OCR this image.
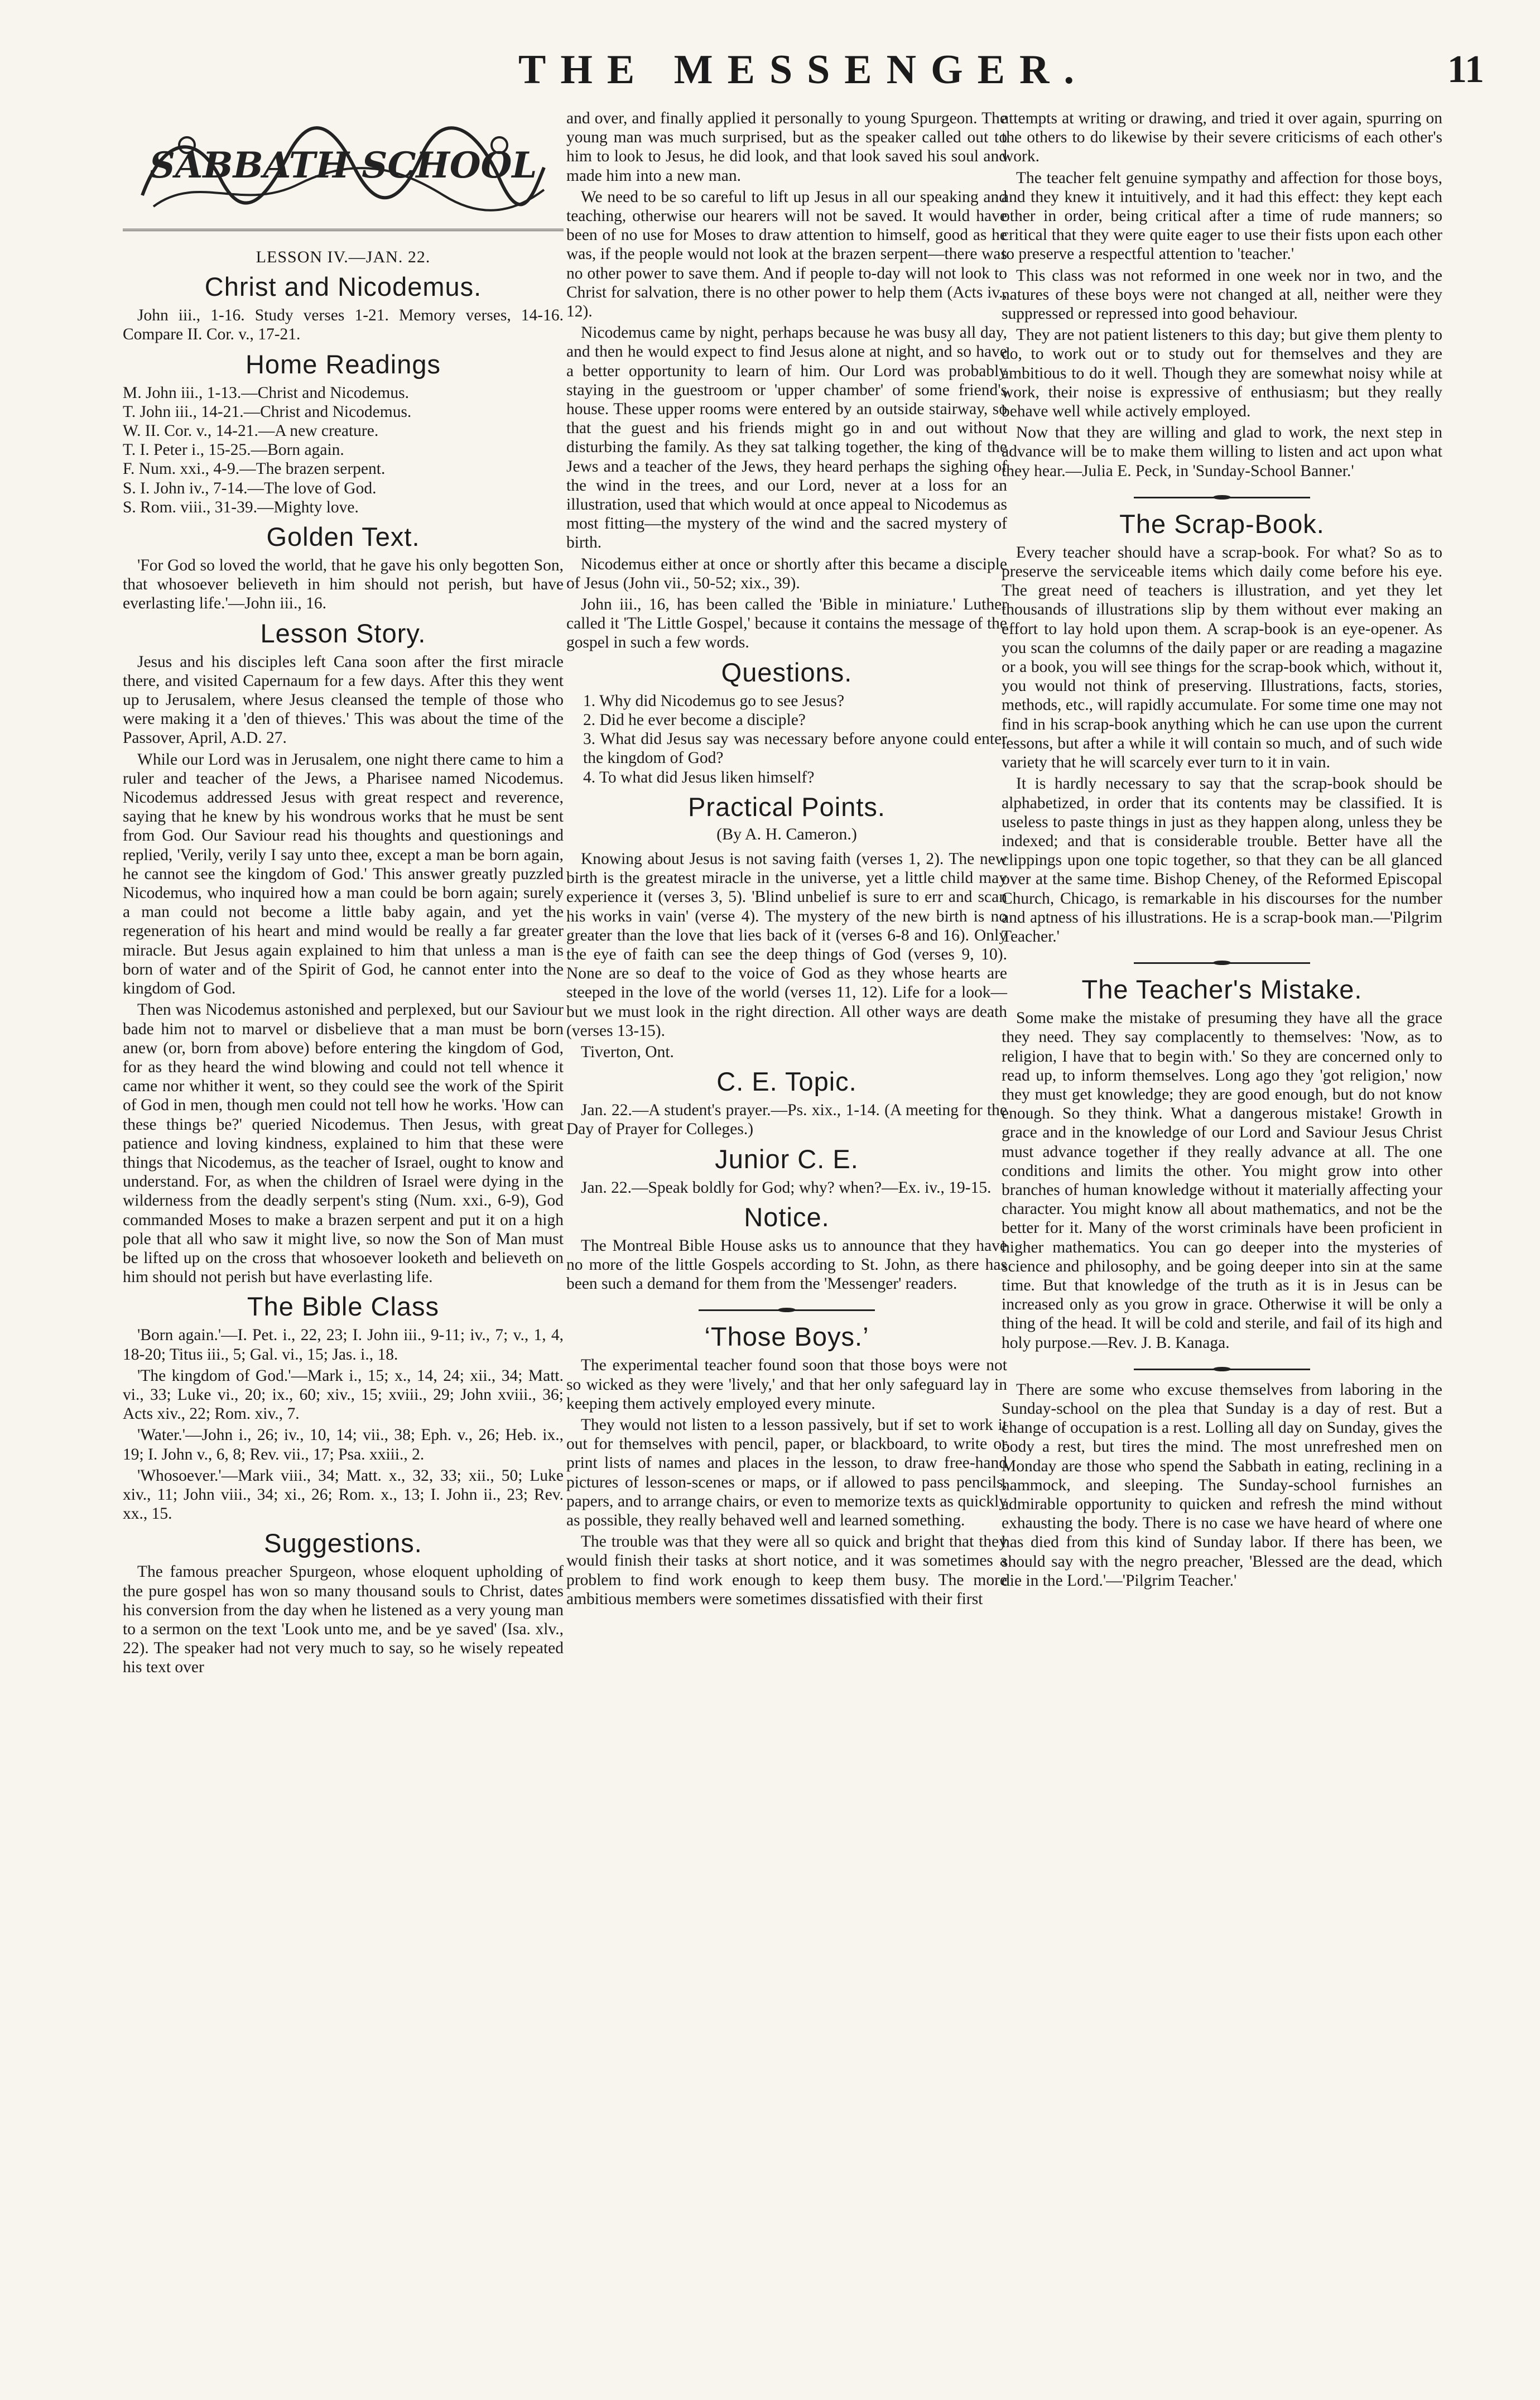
THE MESSENGER.	11
SABBATH SCHOOL
LESSON IV.—JAN. 22.
Christ and Nicodemus.

John iii., 1-16. Study verses 1-21. Memory verses, 14-16. Compare II. Cor. v., 17-21.

Home Readings
M. John iii., 1-13.—Christ and Nicodemus.
T. John iii., 14-21.—Christ and Nicodemus.
W. II. Cor. v., 14-21.—A new creature.
T. I. Peter i., 15-25.—Born again.
F. Num. xxi., 4-9.—The brazen serpent.
S. I. John iv., 7-14.—The love of God.
S. Rom. viii., 31-39.—Mighty love.
Golden Text.

'For God so loved the world, that he gave his only begotten Son, that whosoever believeth in him should not perish, but have everlasting life.'—John iii., 16.

Lesson Story.

Jesus and his disciples left Cana soon after the first miracle there, and visited Capernaum for a few days. After this they went up to Jerusalem, where Jesus cleansed the temple of those who were making it a 'den of thieves.' This was about the time of the Passover, April, A.D. 27.

While our Lord was in Jerusalem, one night there came to him a ruler and teacher of the Jews, a Pharisee named Nicodemus. Nicodemus addressed Jesus with great respect and reverence, saying that he knew by his wondrous works that he must be sent from God. Our Saviour read his thoughts and questionings and replied, 'Verily, verily I say unto thee, except a man be born again, he cannot see the kingdom of God.' This answer greatly puzzled Nicodemus, who inquired how a man could be born again; surely a man could not become a little baby again, and yet the regeneration of his heart and mind would be really a far greater miracle. But Jesus again explained to him that unless a man is born of water and of the Spirit of God, he cannot enter into the kingdom of God.

Then was Nicodemus astonished and perplexed, but our Saviour bade him not to marvel or disbelieve that a man must be born anew (or, born from above) before entering the kingdom of God, for as they heard the wind blowing and could not tell whence it came nor whither it went, so they could see the work of the Spirit of God in men, though men could not tell how he works. 'How can these things be?' queried Nicodemus. Then Jesus, with great patience and loving kindness, explained to him that these were things that Nicodemus, as the teacher of Israel, ought to know and understand. For, as when the children of Israel were dying in the wilderness from the deadly serpent's sting (Num. xxi., 6-9), God commanded Moses to make a brazen serpent and put it on a high pole that all who saw it might live, so now the Son of Man must be lifted up on the cross that whosoever looketh and believeth on him should not perish but have everlasting life.

The Bible Class

'Born again.'—I. Pet. i., 22, 23; I. John iii., 9-11; iv., 7; v., 1, 4, 18-20; Titus iii., 5; Gal. vi., 15; Jas. i., 18.

'The kingdom of God.'—Mark i., 15; x., 14, 24; xii., 34; Matt. vi., 33; Luke vi., 20; ix., 60; xiv., 15; xviii., 29; John xviii., 36; Acts xiv., 22; Rom. xiv., 7.

'Water.'—John i., 26; iv., 10, 14; vii., 38; Eph. v., 26; Heb. ix., 19; I. John v., 6, 8; Rev. vii., 17; Psa. xxiii., 2.

'Whosoever.'—Mark viii., 34; Matt. x., 32, 33; xii., 50; Luke xiv., 11; John viii., 34; xi., 26; Rom. x., 13; I. John ii., 23; Rev. xx., 15.

Suggestions.

The famous preacher Spurgeon, whose eloquent upholding of the pure gospel has won so many thousand souls to Christ, dates his conversion from the day when he listened as a very young man to a sermon on the text 'Look unto me, and be ye saved' (Isa. xlv., 22). The speaker had not very much to say, so he wisely repeated his text over

and over, and finally applied it personally to young Spurgeon. The young man was much surprised, but as the speaker called out to him to look to Jesus, he did look, and that look saved his soul and made him into a new man.

We need to be so careful to lift up Jesus in all our speaking and teaching, otherwise our hearers will not be saved. It would have been of no use for Moses to draw attention to himself, good as he was, if the people would not look at the brazen serpent—there was no other power to save them. And if people to-day will not look to Christ for salvation, there is no other power to help them (Acts iv., 12).

Nicodemus came by night, perhaps because he was busy all day, and then he would expect to find Jesus alone at night, and so have a better opportunity to learn of him. Our Lord was probably staying in the guestroom or 'upper chamber' of some friend's house. These upper rooms were entered by an outside stairway, so that the guest and his friends might go in and out without disturbing the family. As they sat talking together, the king of the Jews and a teacher of the Jews, they heard perhaps the sighing of the wind in the trees, and our Lord, never at a loss for an illustration, used that which would at once appeal to Nicodemus as most fitting—the mystery of the wind and the sacred mystery of birth.

Nicodemus either at once or shortly after this became a disciple of Jesus (John vii., 50-52; xix., 39).

John iii., 16, has been called the 'Bible in miniature.' Luther called it 'The Little Gospel,' because it contains the message of the gospel in such a few words.

Questions.
1. Why did Nicodemus go to see Jesus?
2. Did he ever become a disciple?
3. What did Jesus say was necessary before anyone could enter the kingdom of God?
4. To what did Jesus liken himself?
Practical Points.
(By A. H. Cameron.)

Knowing about Jesus is not saving faith (verses 1, 2). The new birth is the greatest miracle in the universe, yet a little child may experience it (verses 3, 5). 'Blind unbelief is sure to err and scan his works in vain' (verse 4). The mystery of the new birth is no greater than the love that lies back of it (verses 6-8 and 16). Only the eye of faith can see the deep things of God (verses 9, 10). None are so deaf to the voice of God as they whose hearts are steeped in the love of the world (verses 11, 12). Life for a look—but we must look in the right direction. All other ways are death (verses 13-15).

Tiverton, Ont.

C. E. Topic.

Jan. 22.—A student's prayer.—Ps. xix., 1-14. (A meeting for the Day of Prayer for Colleges.)

Junior C. E.

Jan. 22.—Speak boldly for God; why? when?—Ex. iv., 19-15.

Notice.

The Montreal Bible House asks us to announce that they have no more of the little Gospels according to St. John, as there has been such a demand for them from the 'Messenger' readers.

‘Those Boys.’

The experimental teacher found soon that those boys were not so wicked as they were 'lively,' and that her only safeguard lay in keeping them actively employed every minute.

They would not listen to a lesson passively, but if set to work it out for themselves with pencil, paper, or blackboard, to write or print lists of names and places in the lesson, to draw free-hand pictures of lesson-scenes or maps, or if allowed to pass pencils, papers, and to arrange chairs, or even to memorize texts as quickly as possible, they really behaved well and learned something.

The trouble was that they were all so quick and bright that they would finish their tasks at short notice, and it was sometimes a problem to find work enough to keep them busy. The more ambitious members were sometimes dissatisfied with their first

attempts at writing or drawing, and tried it over again, spurring on the others to do likewise by their severe criticisms of each other's work.

The teacher felt genuine sympathy and affection for those boys, and they knew it intuitively, and it had this effect: they kept each other in order, being critical after a time of rude manners; so critical that they were quite eager to use their fists upon each other to preserve a respectful attention to 'teacher.'

This class was not reformed in one week nor in two, and the natures of these boys were not changed at all, neither were they suppressed or repressed into good behaviour.

They are not patient listeners to this day; but give them plenty to do, to work out or to study out for themselves and they are ambitious to do it well. Though they are somewhat noisy while at work, their noise is expressive of enthusiasm; but they really behave well while actively employed.

Now that they are willing and glad to work, the next step in advance will be to make them willing to listen and act upon what they hear.—Julia E. Peck, in 'Sunday-School Banner.'

The Scrap-Book.

Every teacher should have a scrap-book. For what? So as to preserve the serviceable items which daily come before his eye. The great need of teachers is illustration, and yet they let thousands of illustrations slip by them without ever making an effort to lay hold upon them. A scrap-book is an eye-opener. As you scan the columns of the daily paper or are reading a magazine or a book, you will see things for the scrap-book which, without it, you would not think of preserving. Illustrations, facts, stories, methods, etc., will rapidly accumulate. For some time one may not find in his scrap-book anything which he can use upon the current lessons, but after a while it will contain so much, and of such wide variety that he will scarcely ever turn to it in vain.

It is hardly necessary to say that the scrap-book should be alphabetized, in order that its contents may be classified. It is useless to paste things in just as they happen along, unless they be indexed; and that is considerable trouble. Better have all the clippings upon one topic together, so that they can be all glanced over at the same time. Bishop Cheney, of the Reformed Episcopal Church, Chicago, is remarkable in his discourses for the number and aptness of his illustrations. He is a scrap-book man.—'Pilgrim Teacher.'

The Teacher's Mistake.

Some make the mistake of presuming they have all the grace they need. They say complacently to themselves: 'Now, as to religion, I have that to begin with.' So they are concerned only to read up, to inform themselves. Long ago they 'got religion,' now they must get knowledge; they are good enough, but do not know enough. So they think. What a dangerous mistake! Growth in grace and in the knowledge of our Lord and Saviour Jesus Christ must advance together if they really advance at all. The one conditions and limits the other. You might grow into other branches of human knowledge without it materially affecting your character. You might know all about mathematics, and not be the better for it. Many of the worst criminals have been proficient in higher mathematics. You can go deeper into the mysteries of science and philosophy, and be going deeper into sin at the same time. But that knowledge of the truth as it is in Jesus can be increased only as you grow in grace. Otherwise it will be only a thing of the head. It will be cold and sterile, and fail of its high and holy purpose.—Rev. J. B. Kanaga.

There are some who excuse themselves from laboring in the Sunday-school on the plea that Sunday is a day of rest. But a change of occupation is a rest. Lolling all day on Sunday, gives the body a rest, but tires the mind. The most unrefreshed men on Monday are those who spend the Sabbath in eating, reclining in a hammock, and sleeping. The Sunday-school furnishes an admirable opportunity to quicken and refresh the mind without exhausting the body. There is no case we have heard of where one has died from this kind of Sunday labor. If there has been, we should say with the negro preacher, 'Blessed are the dead, which die in the Lord.'—'Pilgrim Teacher.'
